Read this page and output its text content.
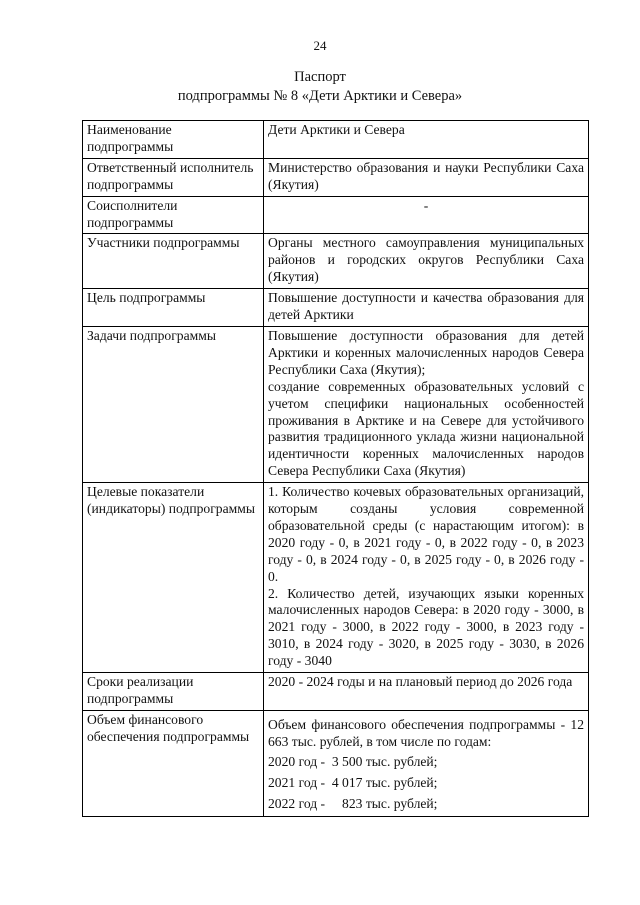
24
Паспорт
подпрограммы № 8 «Дети Арктики и Севера»
Наименование подпрограммы	Дети Арктики и Севера
Ответственный исполнитель подпрограммы	Министерство образования и науки Республики Саха (Якутия)
Соисполнители подпрограммы	-
Участники подпрограммы	Органы местного самоуправления муниципальных районов и городских округов Республики Саха (Якутия)
Цель подпрограммы	Повышение доступности и качества образования для детей Арктики
Задачи подпрограммы	Повышение доступности образования для детей Арктики и коренных малочисленных народов Севера Республики Саха (Якутия);
создание современных образовательных условий с учетом специфики национальных особенностей проживания в Арктике и на Севере для устойчивого развития традиционного уклада жизни национальной идентичности коренных малочисленных народов Севера Республики Саха (Якутия)

Целевые показатели (индикаторы) подпрограммы	1. Количество кочевых образовательных организаций, которым созданы условия современной образовательной среды (с нарастающим итогом): в 2020 году - 0, в 2021 году - 0, в 2022 году - 0, в 2023 году - 0, в 2024 году - 0, в 2025 году - 0, в 2026 году - 0.
2. Количество детей, изучающих языки коренных малочисленных народов Севера: в 2020 году - 3000, в 2021 году - 3000, в 2022 году - 3000, в 2023 году - 3010, в 2024 году - 3020, в 2025 году - 3030, в 2026 году - 3040

Сроки реализации подпрограммы	2020 - 2024 годы и на плановый период до 2026 года
Объем финансового обеспечения подпрограммы	Объем финансового обеспечения подпрограммы - 12 663 тыс. рублей, в том числе по годам:
2020 год -  3 500 тыс. рублей;
2021 год -  4 017 тыс. рублей;
2022 год -     823 тыс. рублей;
